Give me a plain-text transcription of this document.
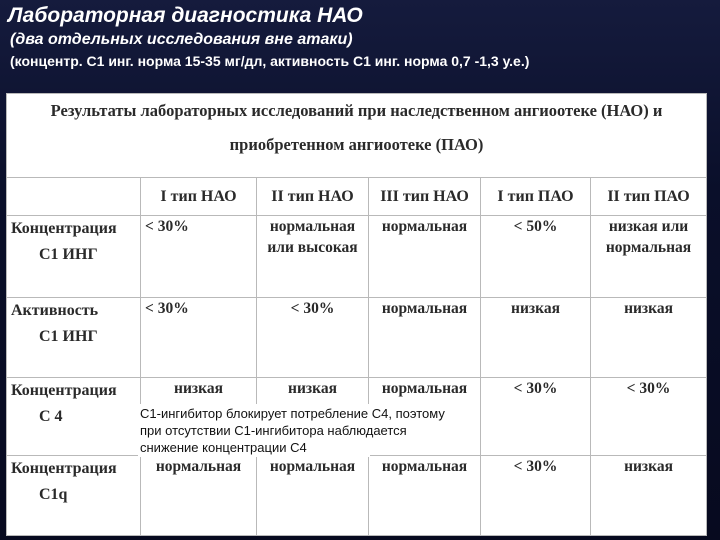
Лабораторная диагностика НАО
(два отдельных исследования вне атаки)

(концентр. С1 инг. норма 15-35 мг/дл, активность С1 инг. норма 0,7 -1,3 у.е.)

Результаты лабораторных исследований при наследственном ангиоотеке (НАО) и приобретенном ангиоотеке (ПАО)					
	I тип НАО	II тип НАО	III тип НАО	I тип ПАО	II тип ПАО

Концентрация
С1 ИНГ	< 30%	нормальная или высокая	нормальная	< 50%	низкая или нормальная

Активность
С1 ИНГ	< 30%	< 30%	нормальная	низкая	низкая

Концентрация
С 4	низкая	низкая	нормальная	< 30%	< 30%

Концентрация
С1q	нормальная	нормальная	нормальная	< 30%	низкая
С1-ингибитор блокирует потребление С4, поэтому
при отсутствии С1-ингибитора наблюдается
снижение концентрации С4
